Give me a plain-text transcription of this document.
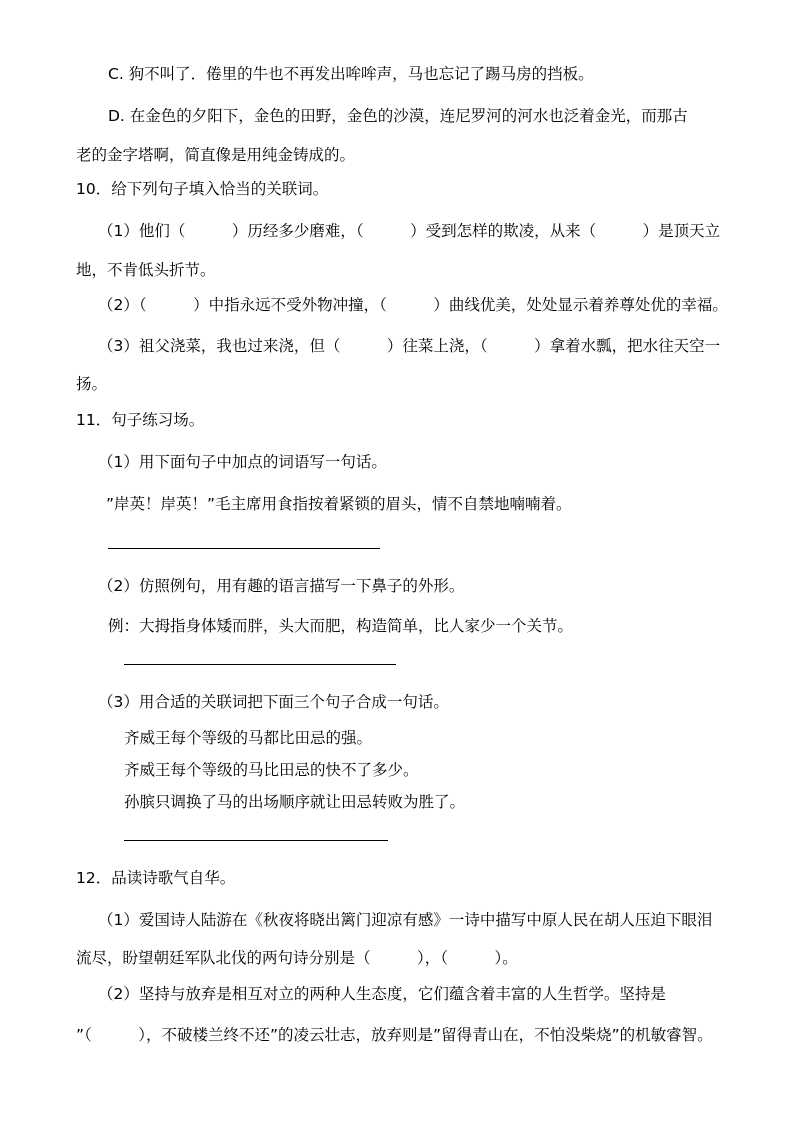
C. 狗不叫了．倦里的牛也不再发出哞哞声，马也忘记了踢马房的挡板。
D. 在金色的夕阳下，金色的田野，金色的沙漠，连尼罗河的河水也泛着金光，而那古
老的金字塔啊，简直像是用纯金铸成的。
10．给下列句子填入恰当的关联词。
（1）他们（　　　）历经多少磨难，（　　　）受到怎样的欺凌，从来（　　　）是顶天立
地，不肯低头折节。
（2）（　　　）中指永远不受外物冲撞，（　　　）曲线优美，处处显示着养尊处优的幸福。
（3）祖父浇菜，我也过来浇，但（　　　）往菜上浇，（　　　）拿着水瓢，把水往天空一
扬。
11．句子练习场。
（1）用下面句子中加点的词语写一句话。
”岸英！岸英！”毛主席用食指按着紧锁的眉头，情不自禁地喃喃着。
（2）仿照例句，用有趣的语言描写一下鼻子的外形。
例：大拇指身体矮而胖，头大而肥，构造简单，比人家少一个关节。
（3）用合适的关联词把下面三个句子合成一句话。
齐威王每个等级的马都比田忌的强。
齐威王每个等级的马比田忌的快不了多少。
孙膑只调换了马的出场顺序就让田忌转败为胜了。
12．品读诗歌气自华。
（1）爱国诗人陆游在《秋夜将晓出篱门迎凉有感》一诗中描写中原人民在胡人压迫下眼泪
流尽，盼望朝廷军队北伐的两句诗分别是（　　　），（　　　）。
（2）坚持与放弃是相互对立的两种人生态度，它们蕴含着丰富的人生哲学。坚持是
”（　　　），不破楼兰终不还”的凌云壮志，放弃则是”留得青山在，不怕没柴烧”的机敏睿智。
